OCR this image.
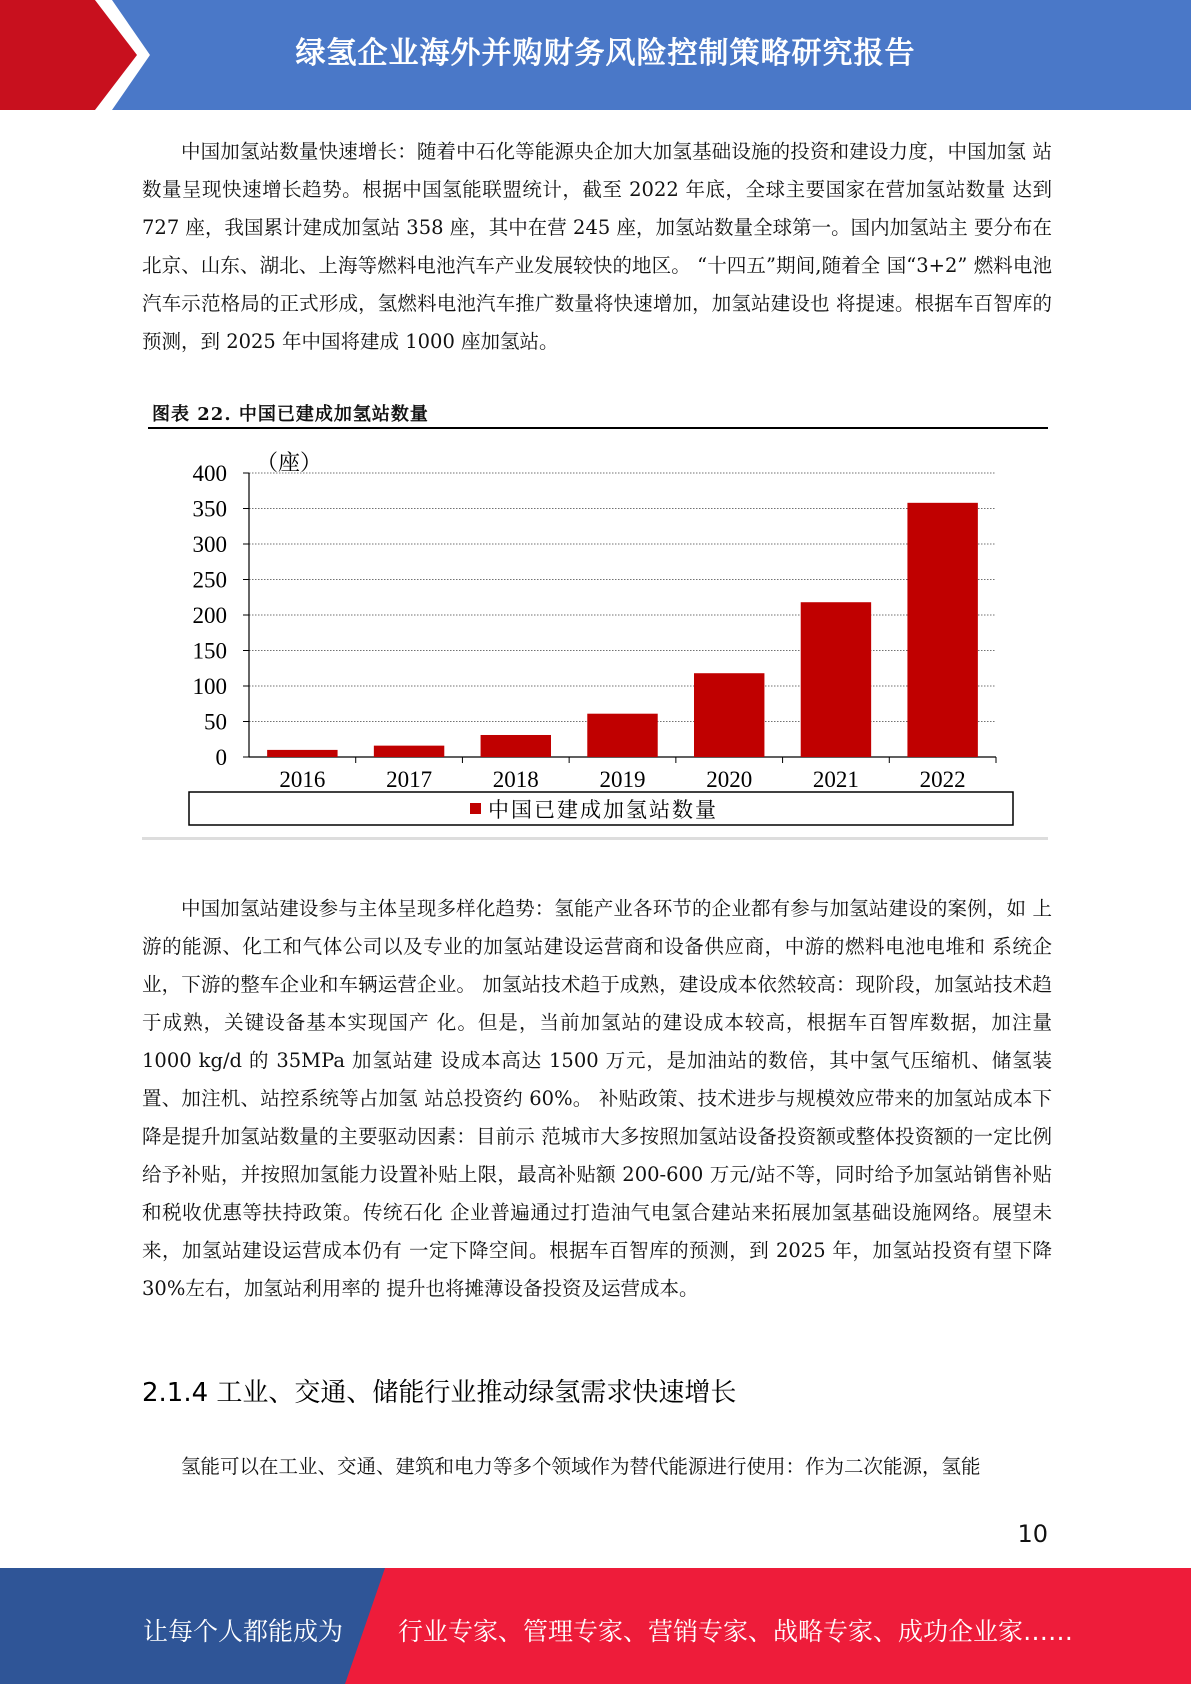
绿氢企业海外并购财务风险控制策略研究报告
中国加氢站数量快速增长：随着中石化等能源央企加大加氢基础设施的投资和建设力度，中国加氢 站数量呈现快速增长趋势。根据中国氢能联盟统计，截至 2022 年底，全球主要国家在营加氢站数量 达到 727 座，我国累计建成加氢站 358 座，其中在营 245 座，加氢站数量全球第一。国内加氢站主 要分布在北京、山东、湖北、上海等燃料电池汽车产业发展较快的地区。 “十四五”期间,随着全 国“3+2” 燃料电池汽车示范格局的正式形成，氢燃料电池汽车推广数量将快速增加，加氢站建设也 将提速。根据车百智库的预测，到 2025 年中国将建成 1000 座加氢站。
图表 22. 中国已建成加氢站数量
0
50
100
150
200
250
300
350
400 （座）
2016	2017	2018	2019	2020	2021	2022
中国已建成加氢站数量
中国加氢站建设参与主体呈现多样化趋势：氢能产业各环节的企业都有参与加氢站建设的案例，如 上游的能源、化工和气体公司以及专业的加氢站建设运营商和设备供应商，中游的燃料电池电堆和 系统企业，下游的整车企业和车辆运营企业。 加氢站技术趋于成熟，建设成本依然较高：现阶段，加氢站技术趋于成熟，关键设备基本实现国产 化。但是，当前加氢站的建设成本较高，根据车百智库数据，加注量 1000 kg/d 的 35MPa 加氢站建 设成本高达 1500 万元，是加油站的数倍，其中氢气压缩机、储氢装置、加注机、站控系统等占加氢 站总投资约 60%。 补贴政策、技术进步与规模效应带来的加氢站成本下降是提升加氢站数量的主要驱动因素：目前示 范城市大多按照加氢站设备投资额或整体投资额的一定比例给予补贴，并按照加氢能力设置补贴上限，最高补贴额 200-600 万元/站不等，同时给予加氢站销售补贴和税收优惠等扶持政策。传统石化 企业普遍通过打造油气电氢合建站来拓展加氢基础设施网络。展望未来，加氢站建设运营成本仍有 一定下降空间。根据车百智库的预测，到 2025 年，加氢站投资有望下降 30%左右，加氢站利用率的 提升也将摊薄设备投资及运营成本。
2.1.4 工业、交通、储能行业推动绿氢需求快速增长
氢能可以在工业、交通、建筑和电力等多个领域作为替代能源进行使用：作为二次能源，氢能
10
让每个人都能成为 行业专家、管理专家、营销专家、战略专家、成功企业家……
